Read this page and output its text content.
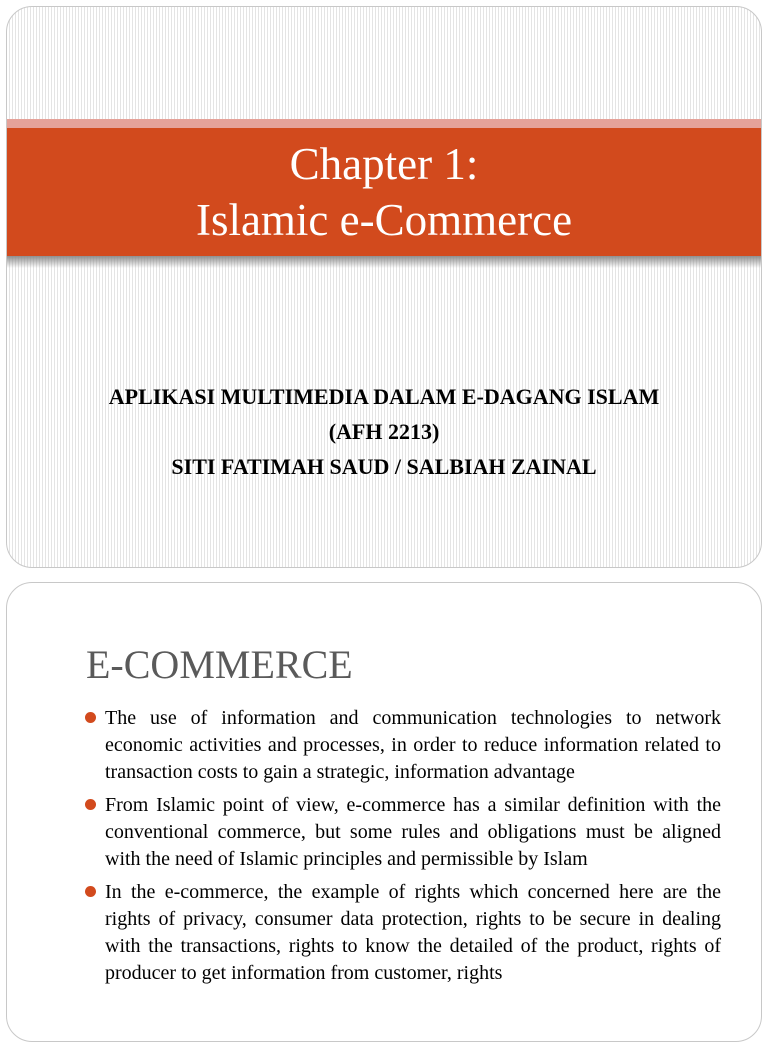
Chapter 1:
Islamic e-Commerce
APLIKASI MULTIMEDIA DALAM E-DAGANG ISLAM
(AFH 2213)
SITI FATIMAH SAUD / SALBIAH ZAINAL
E-COMMERCE
The use of information and communication technologies to network economic activities and processes, in order to reduce information related to transaction costs to gain a strategic, information advantage
From Islamic point of view, e-commerce has a similar definition with the conventional commerce, but some rules and obligations must be aligned with the need of Islamic principles and permissible by Islam
In the e-commerce, the example of rights which concerned here are the rights of privacy, consumer data protection, rights to be secure in dealing with the transactions, rights to know the detailed of the product, rights of producer to get information from customer, rights
